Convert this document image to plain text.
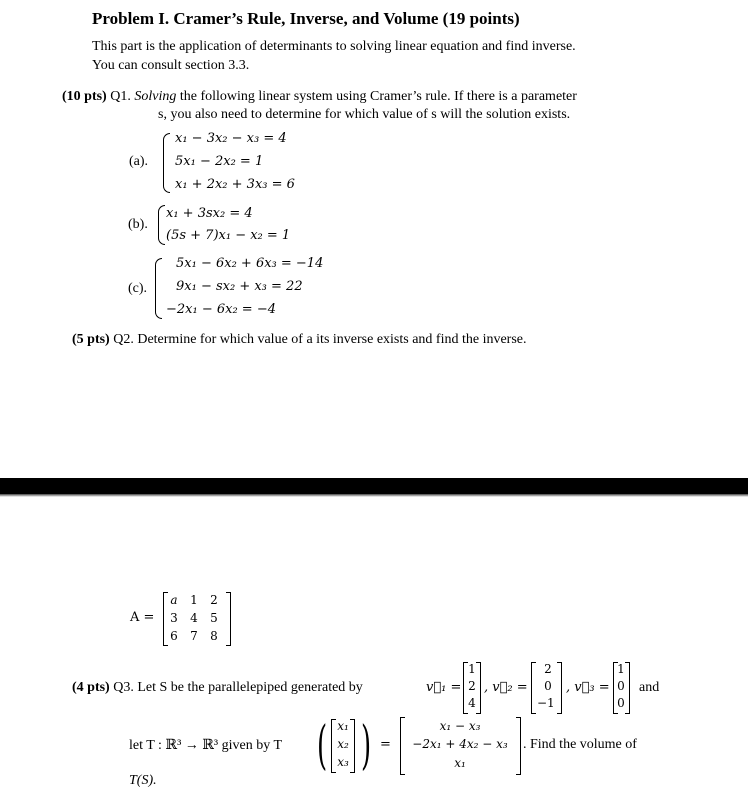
Problem I. Cramer’s Rule, Inverse, and Volume (19 points)
This part is the application of determinants to solving linear equation and find inverse.
You can consult section 3.3.
(10 pts) Q1. Solving the following linear system using Cramer’s rule. If there is a parameter
s, you also need to determine for which value of s will the solution exists.
(a).
x₁ − 3x₂ − x₃ = 4
5x₁ − 2x₂ = 1
x₁ + 2x₂ + 3x₃ = 6
(b).
x₁ + 3sx₂ = 4
(5s + 7)x₁ − x₂ = 1
(c).
5x₁ − 6x₂ + 6x₃ = −14
9x₁ − sx₂ + x₃ = 22
−2x₁ − 6x₂ = −4
(5 pts) Q2. Determine for which value of a its inverse exists and find the inverse.
A =
a 1 2
3 4 5
6 7 8
(4 pts) Q3. Let S be the parallelepiped generated by	v⃗₁ =
1
2
4
, v⃗₂ =
2
0
−1
, v⃗₃ =
1
0
0
and
let T : ℝ³ → ℝ³ given by T ( x₁
x₂
x₃ ) =
x₁ − x₃
−2x₁ + 4x₂ − x₃
x₁
. Find the volume of
T(S).
